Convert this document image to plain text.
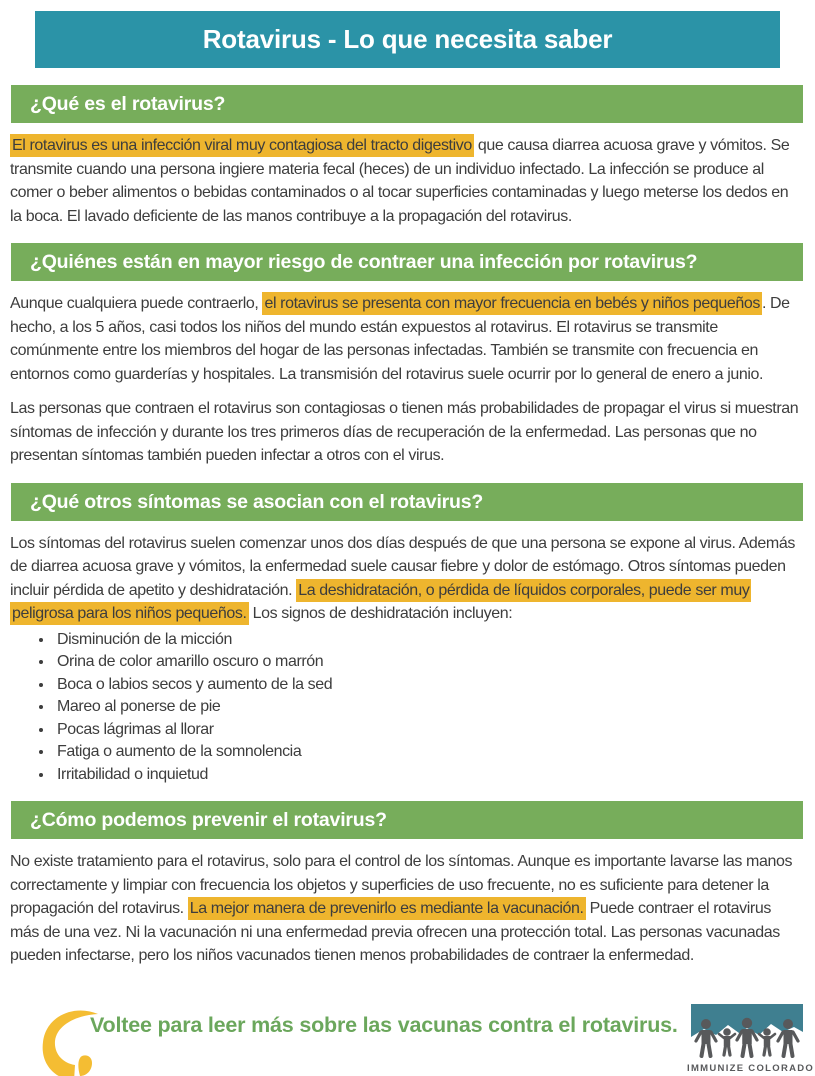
Rotavirus - Lo que necesita saber
¿Qué es el rotavirus?

El rotavirus es una infección viral muy contagiosa del tracto digestivo que causa diarrea acuosa grave y vómitos. Se transmite cuando una persona ingiere materia fecal (heces) de un individuo infectado. La infección se produce al comer o beber alimentos o bebidas contaminados o al tocar superficies contaminadas y luego meterse los dedos en la boca. El lavado deficiente de las manos contribuye a la propagación del rotavirus.

¿Quiénes están en mayor riesgo de contraer una infección por rotavirus?

Aunque cualquiera puede contraerlo, el rotavirus se presenta con mayor frecuencia en bebés y niños pequeños . De hecho, a los 5 años, casi todos los niños del mundo están expuestos al rotavirus. El rotavirus se transmite comúnmente entre los miembros del hogar de las personas infectadas. También se transmite con frecuencia en entornos como guarderías y hospitales. La transmisión del rotavirus suele ocurrir por lo general de enero a junio.

Las personas que contraen el rotavirus son contagiosas o tienen más probabilidades de propagar el virus si muestran síntomas de infección y durante los tres primeros días de recuperación de la enfermedad. Las personas que no presentan síntomas también pueden infectar a otros con el virus.

¿Qué otros síntomas se asocian con el rotavirus?

Los síntomas del rotavirus suelen comenzar unos dos días después de que una persona se expone al virus. Además de diarrea acuosa grave y vómitos, la enfermedad suele causar fiebre y dolor de estómago. Otros síntomas pueden incluir pérdida de apetito y deshidratación. La deshidratación, o pérdida de líquidos corporales, puede ser muy peligrosa para los niños pequeños. Los signos de deshidratación incluyen:

• Disminución de la micción
• Orina de color amarillo oscuro o marrón
• Boca o labios secos y aumento de la sed
• Mareo al ponerse de pie
• Pocas lágrimas al llorar
• Fatiga o aumento de la somnolencia
• Irritabilidad o inquietud
¿Cómo podemos prevenir el rotavirus?

No existe tratamiento para el rotavirus, solo para el control de los síntomas. Aunque es importante lavarse las manos correctamente y limpiar con frecuencia los objetos y superficies de uso frecuente, no es suficiente para detener la propagación del rotavirus. La mejor manera de prevenirlo es mediante la vacunación. Puede contraer el rotavirus más de una vez. Ni la vacunación ni una enfermedad previa ofrecen una protección total. Las personas vacunadas pueden infectarse, pero los niños vacunados tienen menos probabilidades de contraer la enfermedad.

Voltee para leer más sobre las vacunas contra el rotavirus.
IMMUNIZE COLORADO
